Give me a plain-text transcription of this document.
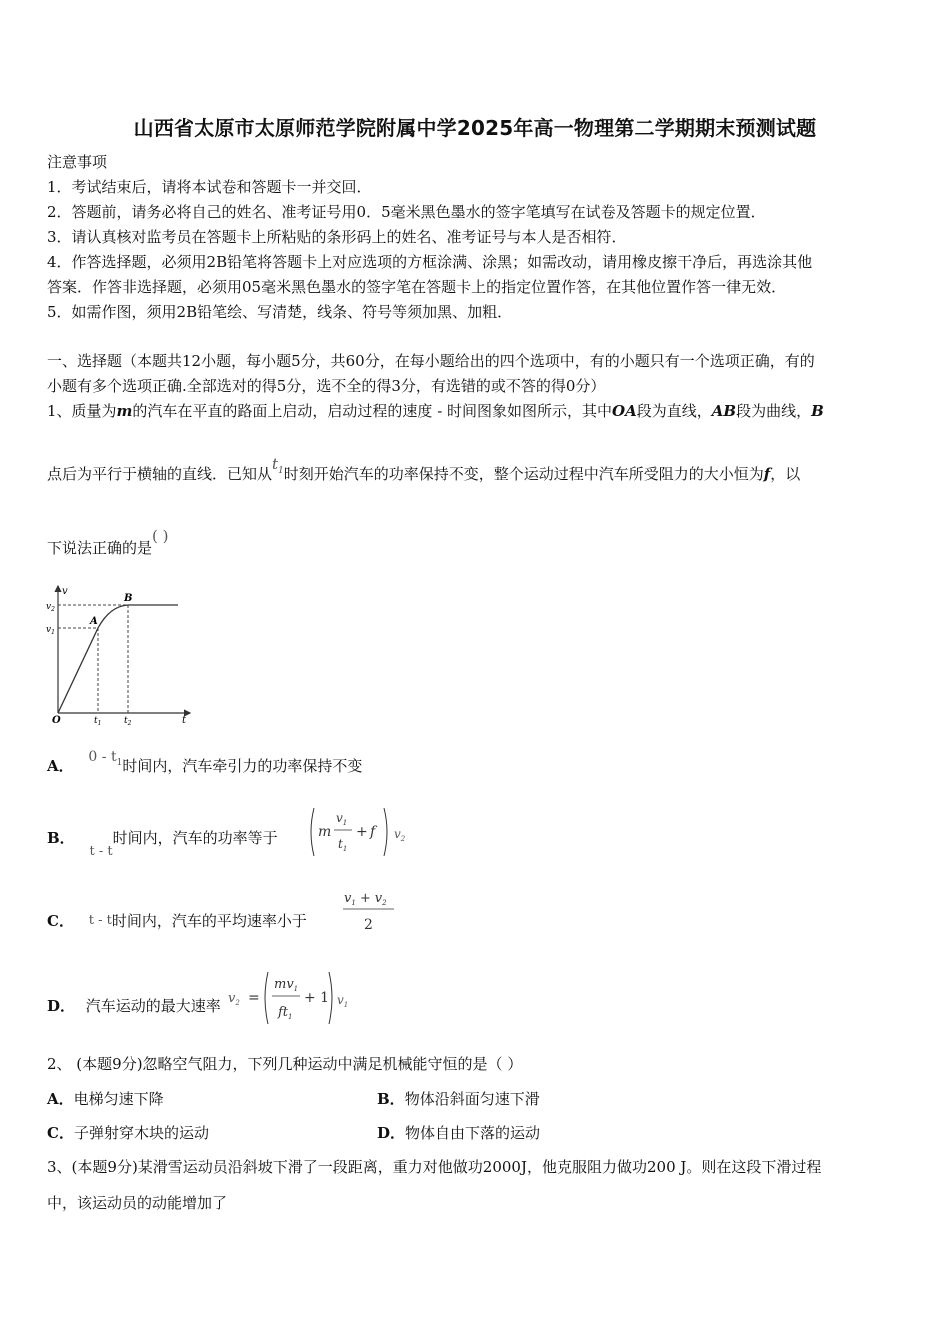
山西省太原市太原师范学院附属中学2025年高一物理第二学期期末预测试题
注意事项
1．考试结束后，请将本试卷和答题卡一并交回．
2．答题前，请务必将自己的姓名、准考证号用0．5毫米黑色墨水的签字笔填写在试卷及答题卡的规定位置．
3．请认真核对监考员在答题卡上所粘贴的条形码上的姓名、准考证号与本人是否相符．
4．作答选择题，必须用2B铅笔将答题卡上对应选项的方框涂满、涂黑；如需改动，请用橡皮擦干净后，再选涂其他
答案．作答非选择题，必须用05毫米黑色墨水的签字笔在答题卡上的指定位置作答，在其他位置作答一律无效．
5．如需作图，须用2B铅笔绘、写清楚，线条、符号等须加黑、加粗．
一、选择题（本题共12小题，每小题5分，共60分，在每小题给出的四个选项中，有的小题只有一个选项正确，有的
小题有多个选项正确.全部选对的得5分，选不全的得3分，有选错的或不答的得0分）
1、质量为m的汽车在平直的路面上启动，启动过程的速度 - 时间图象如图所示，其中OA段为直线，AB段为曲线，B
点后为平行于横轴的直线．已知从$t_1$时刻开始汽车的功率保持不变，整个运动过程中汽车所受阻力的大小恒为f，以
下说法正确的是( )
v
t
O
$v_1$
$v_2$
$t_1$	$t_2$
A
B
A． $0 - t_1$时间内，汽车牵引力的功率保持不变
B． t - t时间内，汽车的功率等于	m
$v_1$
$t_1$
+ f $v_2$
C． t - t时间内，汽车的平均速率小于
$v_1 + v_2$
2
D． 汽车运动的最大速率 $v_2$ =
$mv_1$
$ft_1$
+ 1 $v_1$
2、 (本题9分)忽略空气阻力，下列几种运动中满足机械能守恒的是（ ）
A．电梯匀速下降	B．物体沿斜面匀速下滑
C．子弹射穿木块的运动	D．物体自由下落的运动
3、(本题9分)某滑雪运动员沿斜坡下滑了一段距离，重力对他做功2000J，他克服阻力做功200 J。则在这段下滑过程
中，该运动员的动能增加了
